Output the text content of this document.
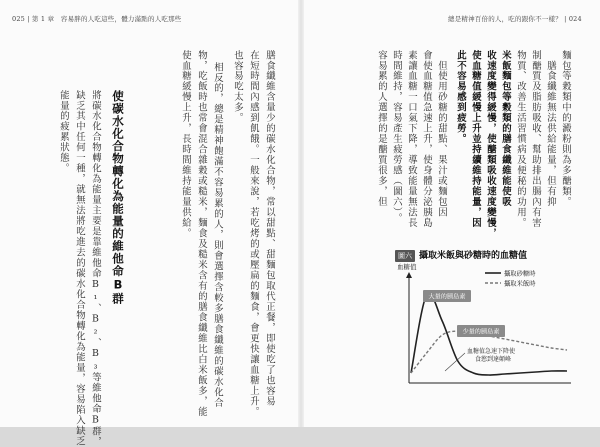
025 | 第 1 章　容易胖的人吃這些，體力滿點的人吃那些	總是精神百倍的人，吃的跟你不一樣？ | 024
膳食纖維含量少的碳水化合物，常以甜點、甜麵包取代正餐，即使吃了也容易
在短時間內感到飢餓。一般來說，若吃烤的或壓扁的麵食，會更快讓血糖上升。
也容易吃太多。
相反的，總是精神飽滿不容易累的人，則會選擇含較多膳食纖維的碳水化合
物，吃飯時也常會混合雜穀或糙米，麵食及糙米含有的膳食纖維比白米飯多，能
使血糖緩慢上升，長時間維持能量供給。
使碳水化合物轉化為能量的維他命B群
將碳水化合物轉化為能量主要是靠維他命B₁、B₂、B₃等維他命B群，
缺乏其中任何一種，就無法將吃進去的碳水化合物轉化為能量，容易陷入缺乏
能量的疲累狀態。	麵包等穀類中的澱粉則為多醣類。
　膳食纖維無法供給能量，但有抑
制醣質及脂肪吸收、幫助排出腸內有害
物質、改善生活習慣病及便秘的功用。
米飯麵包等穀類的膳食纖維能使吸
收速度變得緩慢，使醣類吸收速度變慢，
使血糖值緩慢上升並持續維持能量，因
此不容易感到疲勞。
　但使用砂糖的甜點、果汁或麵包因
會使血糖值急速上升，使身體分泌胰島
素讓血糖一口氣下降，導致能量無法長
時間維持，容易產生疲勞感（圖六）。
容易累的人選擇的是醣質很多，但
圖六 攝取米飯與砂糖時的血糖值
血糖值
攝取砂糖時
攝取米飯時
大量的胰島素
少量的胰島素
血糖值急速下降使
食慾到達顛峰
